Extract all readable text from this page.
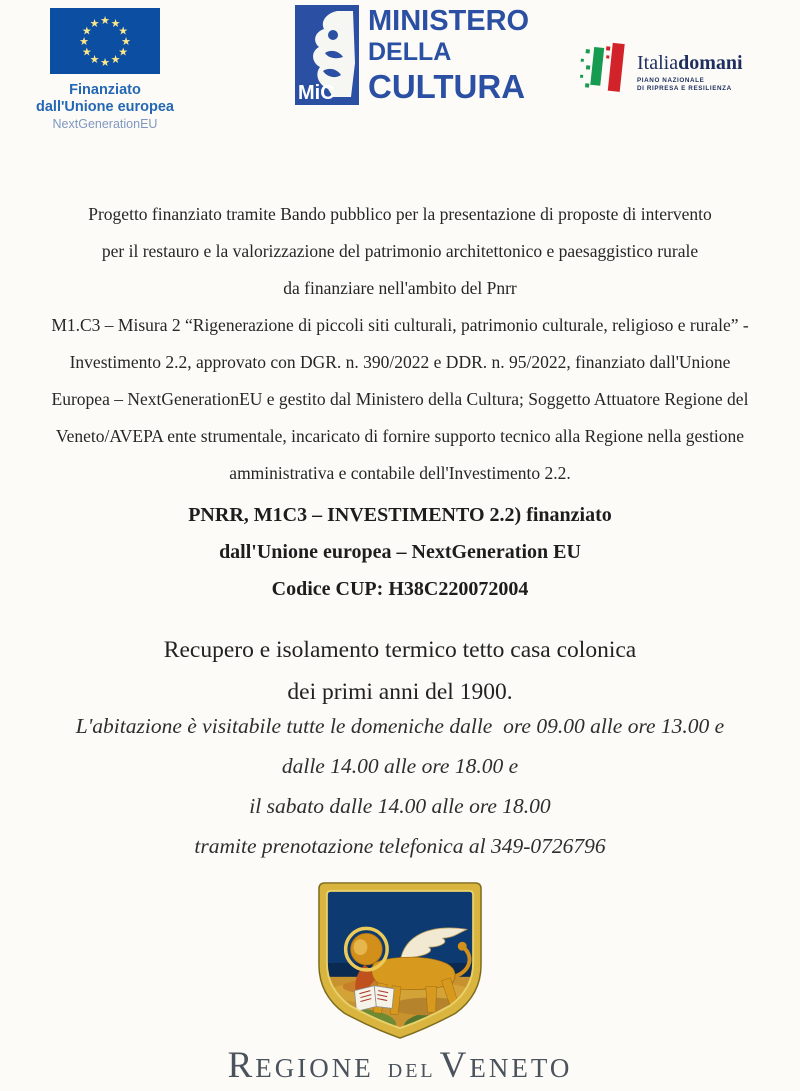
★ ★
★
★
★
★
★
★
★
★
★
★
Finanziato
dall'Unione europea
NextGenerationEU
MiC
MINISTERO
DELLA
CULTURA
Italiadomani
PIANO NAZIONALE
DI RIPRESA E RESILIENZA
Progetto finanziato tramite Bando pubblico per la presentazione di proposte di intervento
per il restauro e la valorizzazione del patrimonio architettonico e paesaggistico rurale
da finanziare nell'ambito del Pnrr
M1.C3 – Misura 2 “Rigenerazione di piccoli siti culturali, patrimonio culturale, religioso e rurale” -
Investimento 2.2, approvato con DGR. n. 390/2022 e DDR. n. 95/2022, finanziato dall'Unione
Europea – NextGenerationEU e gestito dal Ministero della Cultura; Soggetto Attuatore Regione del
Veneto/AVEPA ente strumentale, incaricato di fornire supporto tecnico alla Regione nella gestione
amministrativa e contabile dell'Investimento 2.2.
PNRR, M1C3 – INVESTIMENTO 2.2) finanziato
dall'Unione europea – NextGeneration EU
Codice CUP: H38C220072004
Recupero e isolamento termico tetto casa colonica
dei primi anni del 1900.
L'abitazione è visitabile tutte le domeniche dalle  ore 09.00 alle ore 13.00 e
dalle 14.00 alle ore 18.00 e
il sabato dalle 14.00 alle ore 18.00
tramite prenotazione telefonica al 349-0726796
REGIONE DEL VENETO
